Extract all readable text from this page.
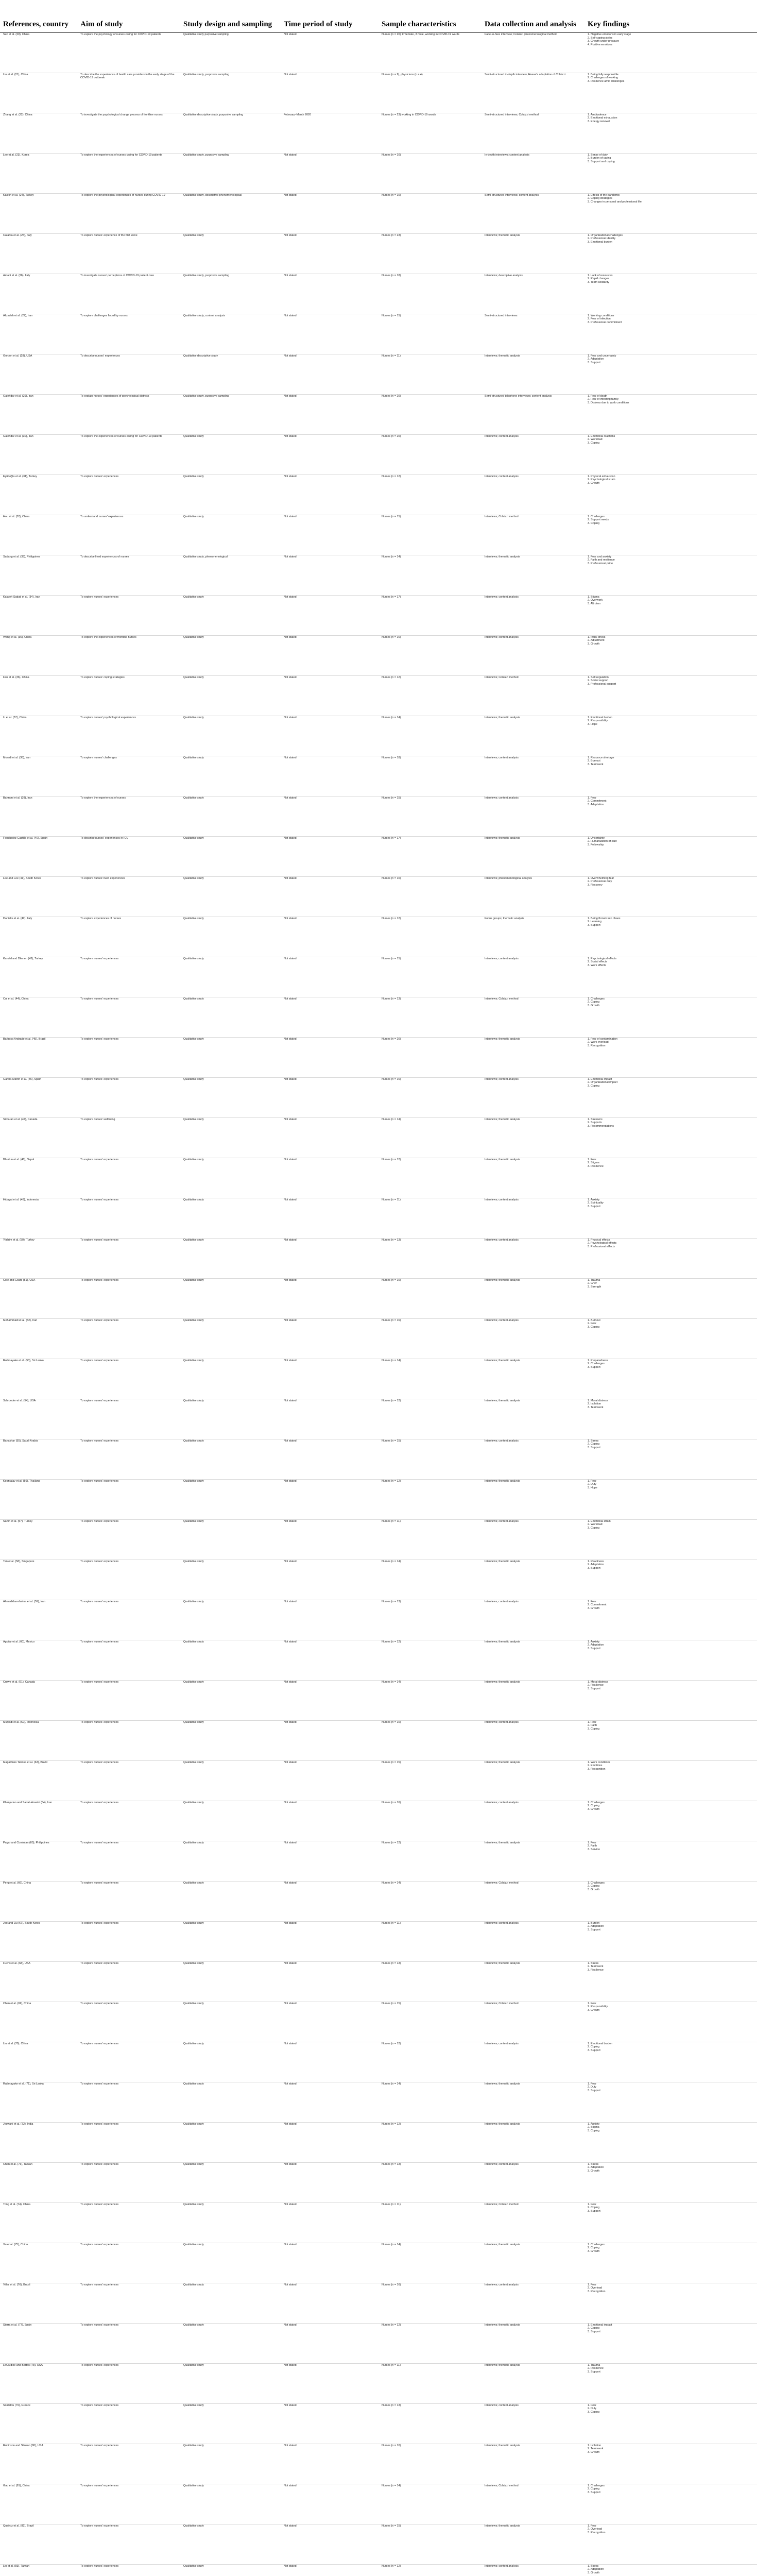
References, country	Aim of study	Study design and sampling	Time period of study	Sample characteristics	Data collection and analysis	Key findings
Sun et al. (20), China	To explore the psychology of nurses caring for COVID-19 patients	Qualitative study purposive sampling	Not stated	Nurses (n = 20) 17 female, 3 male, working in COVID-19 wards	Face-to-face interview; Colaizzi phenomenological method	1. Negative emotions in early stage
2. Self-coping styles
3. Growth under pressure
4. Positive emotions

Liu et al. (21), China	To describe the experiences of health care providers in the early stage of the COVID-19 outbreak	Qualitative study, purposive sampling	Not stated	Nurses (n = 9), physicians (n = 4)	Semi-structured in-depth interview; Haase's adaptation of Colaizzi	1. Being fully responsible
2. Challenges of working
3. Resilience amid challenges

Zhang et al. (22), China	To investigate the psychological change process of frontline nurses	Qualitative descriptive study, purposive sampling	February–March 2020	Nurses (n = 23) working in COVID-19 wards	Semi-structured interviews; Colaizzi method	1. Ambivalence
2. Emotional exhaustion
3. Energy renewal

Lee et al. (23), Korea	To explore the experiences of nurses caring for COVID-19 patients	Qualitative study, purposive sampling	Not stated	Nurses (n = 10)	In-depth interviews; content analysis	1. Sense of duty
2. Burden of caring
3. Support and coping

Kackin et al. (24), Turkey	To explore the psychological experiences of nurses during COVID-19	Qualitative study, descriptive phenomenological	Not stated	Nurses (n = 10)	Semi-structured interviews; content analysis	1. Effects of the pandemic
2. Coping strategies
3. Changes in personal and professional life

Catania et al. (25), Italy	To explore nurses' experience of the first wave	Qualitative study	Not stated	Nurses (n = 23)	Interviews; thematic analysis	1. Organizational challenges
2. Professional identity
3. Emotional burden

Arcadi et al. (26), Italy	To investigate nurses' perceptions of COVID-19 patient care	Qualitative study, purposive sampling	Not stated	Nurses (n = 18)	Interviews; descriptive analysis	1. Lack of resources
2. Rapid changes
3. Team solidarity

Alizadeh et al. (27), Iran	To explore challenges faced by nurses	Qualitative study, content analysis	Not stated	Nurses (n = 15)	Semi-structured interviews	1. Working conditions
2. Fear of infection
3. Professional commitment

Gordon et al. (28), USA	To describe nurses' experiences	Qualitative descriptive study	Not stated	Nurses (n = 11)	Interviews; thematic analysis	1. Fear and uncertainty
2. Adaptation
3. Support

Galehdar et al. (29), Iran	To explain nurses' experiences of psychological distress	Qualitative study, purposive sampling	Not stated	Nurses (n = 20)	Semi-structured telephone interviews; content analysis	1. Fear of death
2. Fear of infecting family
3. Distress due to work conditions

Galehdar et al. (30), Iran	To explore the experiences of nurses caring for COVID-19 patients	Qualitative study	Not stated	Nurses (n = 20)	Interviews; content analysis	1. Emotional reactions
2. Workload
3. Coping

Eyüboğlu et al. (31), Turkey	To explore nurses' experiences	Qualitative study	Not stated	Nurses (n = 12)	Interviews; content analysis	1. Physical exhaustion
2. Psychological strain
3. Growth

Hou et al. (32), China	To understand nurses' experiences	Qualitative study	Not stated	Nurses (n = 15)	Interviews; Colaizzi method	1. Challenges
2. Support needs
3. Coping

Sadang et al. (33), Philippines	To describe lived experiences of nurses	Qualitative study, phenomenological	Not stated	Nurses (n = 14)	Interviews; thematic analysis	1. Fear and anxiety
2. Faith and resilience
3. Professional pride

Kalateh Sadati et al. (34), Iran	To explore nurses' experiences	Qualitative study	Not stated	Nurses (n = 17)	Interviews; content analysis	1. Stigma
2. Overwork
3. Altruism

Wang et al. (35), China	To explore the experiences of frontline nurses	Qualitative study	Not stated	Nurses (n = 16)	Interviews; content analysis	1. Initial stress
2. Adjustment
3. Growth

Fan et al. (36), China	To explore nurses' coping strategies	Qualitative study	Not stated	Nurses (n = 12)	Interviews; Colaizzi method	1. Self-regulation
2. Social support
3. Professional support

Li et al. (37), China	To explore nurses' psychological experiences	Qualitative study	Not stated	Nurses (n = 14)	Interviews; thematic analysis	1. Emotional burden
2. Responsibility
3. Hope

Moradi et al. (38), Iran	To explore nurses' challenges	Qualitative study	Not stated	Nurses (n = 18)	Interviews; content analysis	1. Resource shortage
2. Burnout
3. Teamwork

Bahrami et al. (39), Iran	To explore the experiences of nurses	Qualitative study	Not stated	Nurses (n = 15)	Interviews; content analysis	1. Fear
2. Commitment
3. Adaptation

Fernández-Castillo et al. (40), Spain	To describe nurses' experiences in ICU	Qualitative study	Not stated	Nurses (n = 17)	Interviews; thematic analysis	1. Uncertainty
2. Humanization of care
3. Fellowship

Lee and Lee (41), South Korea	To explore nurses' lived experiences	Qualitative study	Not stated	Nurses (n = 10)	Interviews; phenomenological analysis	1. Overwhelming fear
2. Professional duty
3. Recovery

Danielis et al. (42), Italy	To explore experiences of nurses	Qualitative study	Not stated	Nurses (n = 12)	Focus groups; thematic analysis	1. Being thrown into chaos
2. Learning
3. Support

Kandel and Dikmen (43), Turkey	To explore nurses' experiences	Qualitative study	Not stated	Nurses (n = 15)	Interviews; content analysis	1. Psychological effects
2. Social effects
3. Work effects

Cui et al. (44), China	To explore nurses' experiences	Qualitative study	Not stated	Nurses (n = 13)	Interviews; Colaizzi method	1. Challenges
2. Coping
3. Growth

Barbosa Andrade et al. (45), Brazil	To explore nurses' experiences	Qualitative study	Not stated	Nurses (n = 20)	Interviews; thematic analysis	1. Fear of contamination
2. Work overload
3. Recognition

García-Martín et al. (46), Spain	To explore nurses' experiences	Qualitative study	Not stated	Nurses (n = 16)	Interviews; content analysis	1. Emotional impact
2. Organizational impact
3. Coping

Sriharan et al. (47), Canada	To explore nurses' wellbeing	Qualitative study	Not stated	Nurses (n = 14)	Interviews; thematic analysis	1. Stressors
2. Supports
3. Recommendations

Bhurtun et al. (48), Nepal	To explore nurses' experiences	Qualitative study	Not stated	Nurses (n = 12)	Interviews; thematic analysis	1. Fear
2. Stigma
3. Resilience

Hidayat et al. (49), Indonesia	To explore nurses' experiences	Qualitative study	Not stated	Nurses (n = 11)	Interviews; content analysis	1. Anxiety
2. Spirituality
3. Support

Yildirim et al. (50), Turkey	To explore nurses' experiences	Qualitative study	Not stated	Nurses (n = 13)	Interviews; content analysis	1. Physical effects
2. Psychological effects
3. Professional effects

Cole and Coats (51), USA	To explore nurses' experiences	Qualitative study	Not stated	Nurses (n = 10)	Interviews; thematic analysis	1. Trauma
2. Grief
3. Strength

Mohammadi et al. (52), Iran	To explore nurses' experiences	Qualitative study	Not stated	Nurses (n = 16)	Interviews; content analysis	1. Burnout
2. Fear
3. Coping

Rathnayake et al. (53), Sri Lanka	To explore nurses' experiences	Qualitative study	Not stated	Nurses (n = 14)	Interviews; thematic analysis	1. Preparedness
2. Challenges
3. Support

Schroeder et al. (54), USA	To explore nurses' experiences	Qualitative study	Not stated	Nurses (n = 12)	Interviews; thematic analysis	1. Moral distress
2. Isolation
3. Teamwork

Banakhar (55), Saudi Arabia	To explore nurses' experiences	Qualitative study	Not stated	Nurses (n = 15)	Interviews; content analysis	1. Stress
2. Coping
3. Support

Koontalay et al. (56), Thailand	To explore nurses' experiences	Qualitative study	Not stated	Nurses (n = 12)	Interviews; thematic analysis	1. Fear
2. Duty
3. Hope

Sahin et al. (57), Turkey	To explore nurses' experiences	Qualitative study	Not stated	Nurses (n = 11)	Interviews; content analysis	1. Emotional strain
2. Workload
3. Coping

Tan et al. (58), Singapore	To explore nurses' experiences	Qualitative study	Not stated	Nurses (n = 14)	Interviews; thematic analysis	1. Readiness
2. Adaptation
3. Support

Ahmadidarrehsima et al. (59), Iran	To explore nurses' experiences	Qualitative study	Not stated	Nurses (n = 13)	Interviews; content analysis	1. Fear
2. Commitment
3. Growth

Aguilar et al. (60), Mexico	To explore nurses' experiences	Qualitative study	Not stated	Nurses (n = 12)	Interviews; thematic analysis	1. Anxiety
2. Adaptation
3. Support

Crowe et al. (61), Canada	To explore nurses' experiences	Qualitative study	Not stated	Nurses (n = 14)	Interviews; thematic analysis	1. Moral distress
2. Resilience
3. Support

Mulyadi et al. (62), Indonesia	To explore nurses' experiences	Qualitative study	Not stated	Nurses (n = 10)	Interviews; content analysis	1. Fear
2. Faith
3. Coping

Magalhães Tabosa et al. (63), Brazil	To explore nurses' experiences	Qualitative study	Not stated	Nurses (n = 15)	Interviews; thematic analysis	1. Work conditions
2. Emotions
3. Recognition

Khanjarian and Sadat-Hoseini (64), Iran	To explore nurses' experiences	Qualitative study	Not stated	Nurses (n = 16)	Interviews; content analysis	1. Challenges
2. Coping
3. Growth

Pagar and Comintan (65), Philippines	To explore nurses' experiences	Qualitative study	Not stated	Nurses (n = 12)	Interviews; thematic analysis	1. Fear
2. Faith
3. Service

Peng et al. (66), China	To explore nurses' experiences	Qualitative study	Not stated	Nurses (n = 14)	Interviews; Colaizzi method	1. Challenges
2. Coping
3. Growth

Joo and Liu (67), South Korea	To explore nurses' experiences	Qualitative study	Not stated	Nurses (n = 11)	Interviews; content analysis	1. Burden
2. Adaptation
3. Support

Fuchs et al. (68), USA	To explore nurses' experiences	Qualitative study	Not stated	Nurses (n = 13)	Interviews; thematic analysis	1. Stress
2. Teamwork
3. Resilience

Chen et al. (69), China	To explore nurses' experiences	Qualitative study	Not stated	Nurses (n = 15)	Interviews; Colaizzi method	1. Fear
2. Responsibility
3. Growth

Liu et al. (70), China	To explore nurses' experiences	Qualitative study	Not stated	Nurses (n = 12)	Interviews; content analysis	1. Emotional burden
2. Coping
3. Support

Rathnayake et al. (71), Sri Lanka	To explore nurses' experiences	Qualitative study	Not stated	Nurses (n = 14)	Interviews; thematic analysis	1. Fear
2. Duty
3. Support

Jeswani et al. (72), India	To explore nurses' experiences	Qualitative study	Not stated	Nurses (n = 12)	Interviews; thematic analysis	1. Anxiety
2. Stigma
3. Coping

Chen et al. (73), Taiwan	To explore nurses' experiences	Qualitative study	Not stated	Nurses (n = 13)	Interviews; content analysis	1. Stress
2. Adaptation
3. Growth

Tong et al. (74), China	To explore nurses' experiences	Qualitative study	Not stated	Nurses (n = 11)	Interviews; Colaizzi method	1. Fear
2. Coping
3. Support

Xu et al. (75), China	To explore nurses' experiences	Qualitative study	Not stated	Nurses (n = 14)	Interviews; thematic analysis	1. Challenges
2. Coping
3. Growth

Villar et al. (76), Brazil	To explore nurses' experiences	Qualitative study	Not stated	Nurses (n = 16)	Interviews; content analysis	1. Fear
2. Overload
3. Recognition

Sierra et al. (77), Spain	To explore nurses' experiences	Qualitative study	Not stated	Nurses (n = 12)	Interviews; thematic analysis	1. Emotional impact
2. Coping
3. Support

LoGiudice and Bartos (78), USA	To explore nurses' experiences	Qualitative study	Not stated	Nurses (n = 11)	Interviews; thematic analysis	1. Trauma
2. Resilience
3. Support

Soldatou (79), Greece	To explore nurses' experiences	Qualitative study	Not stated	Nurses (n = 13)	Interviews; content analysis	1. Fear
2. Duty
3. Coping

Robinson and Stinson (80), USA	To explore nurses' experiences	Qualitative study	Not stated	Nurses (n = 10)	Interviews; thematic analysis	1. Isolation
2. Teamwork
3. Growth

Gao et al. (81), China	To explore nurses' experiences	Qualitative study	Not stated	Nurses (n = 14)	Interviews; Colaizzi method	1. Challenges
2. Coping
3. Support

Queiroz et al. (82), Brazil	To explore nurses' experiences	Qualitative study	Not stated	Nurses (n = 15)	Interviews; thematic analysis	1. Fear
2. Overload
3. Recognition

Lin et al. (83), Taiwan	To explore nurses' experiences	Qualitative study	Not stated	Nurses (n = 12)	Interviews; content analysis	1. Stress
2. Adaptation
3. Growth
